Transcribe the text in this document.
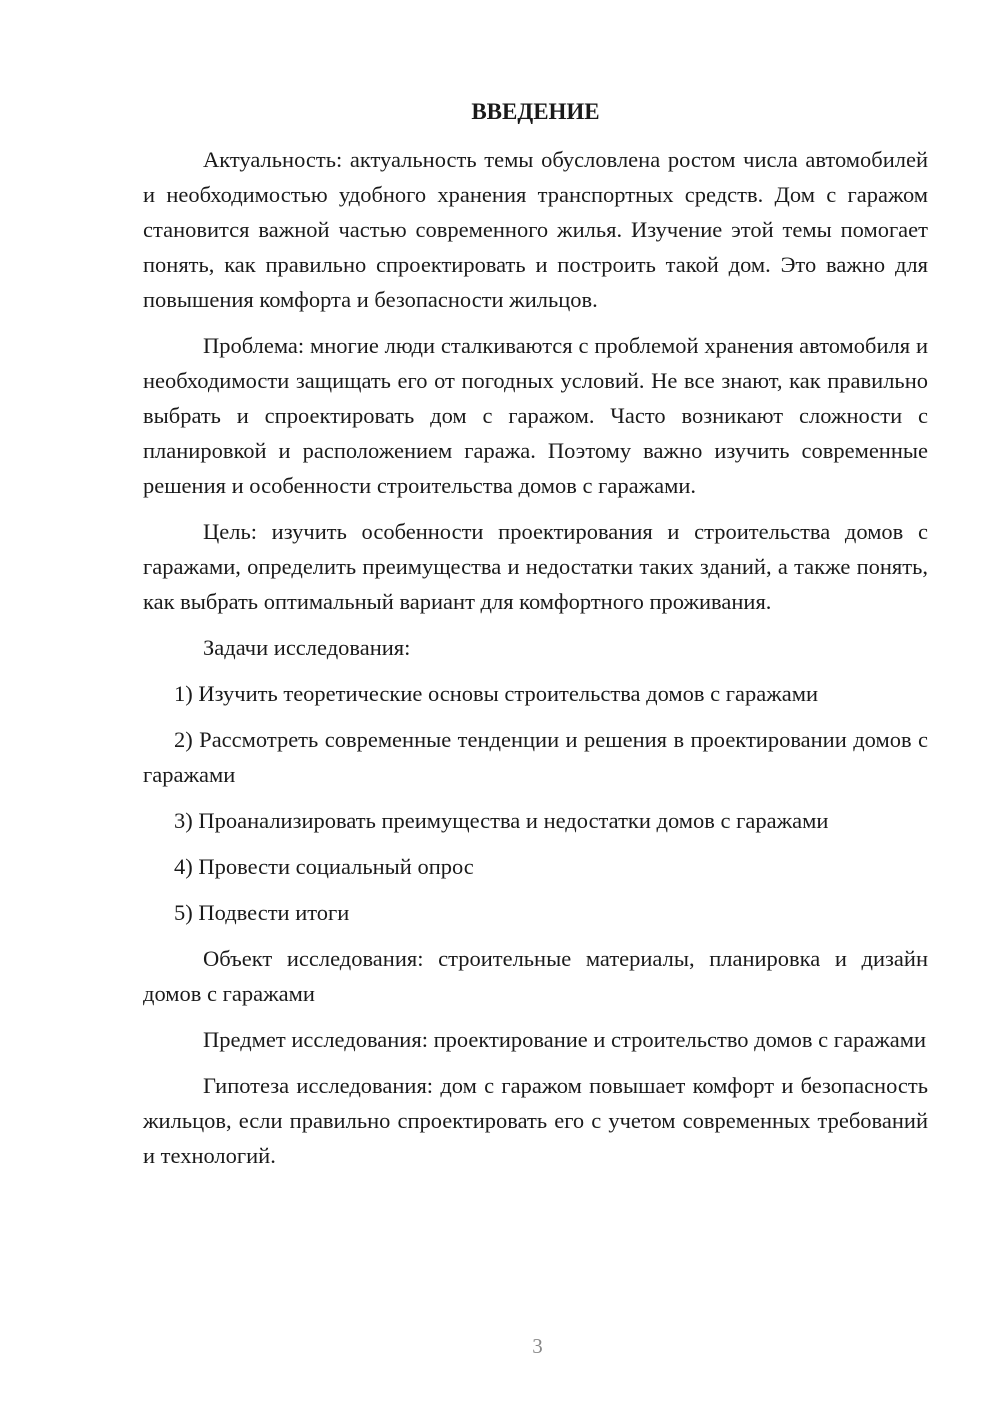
ВВЕДЕНИЕ

Актуальность: актуальность темы обусловлена ростом числа автомобилей и необходимостью удобного хранения транспортных средств. Дом с гаражом становится важной частью современного жилья. Изучение этой темы помогает понять, как правильно спроектировать и построить такой дом. Это важно для повышения комфорта и безопасности жильцов.

Проблема: многие люди сталкиваются с проблемой хранения автомобиля и необходимости защищать его от погодных условий. Не все знают, как правильно выбрать и спроектировать дом с гаражом. Часто возникают сложности с планировкой и расположением гаража. Поэтому важно изучить современные решения и особенности строительства домов с гаражами.

Цель: изучить особенности проектирования и строительства домов с гаражами, определить преимущества и недостатки таких зданий, а также понять, как выбрать оптимальный вариант для комфортного проживания.

Задачи исследования:

1) Изучить теоретические основы строительства домов с гаражами

2) Рассмотреть современные тенденции и решения в проектировании домов с гаражами

3) Проанализировать преимущества и недостатки домов с гаражами

4) Провести социальный опрос

5) Подвести итоги

Объект исследования: строительные материалы, планировка и дизайн домов с гаражами

Предмет исследования: проектирование и строительство домов с гаражами

Гипотеза исследования: дом с гаражом повышает комфорт и безопасность жильцов, если правильно спроектировать его с учетом современных требований и технологий.

3
